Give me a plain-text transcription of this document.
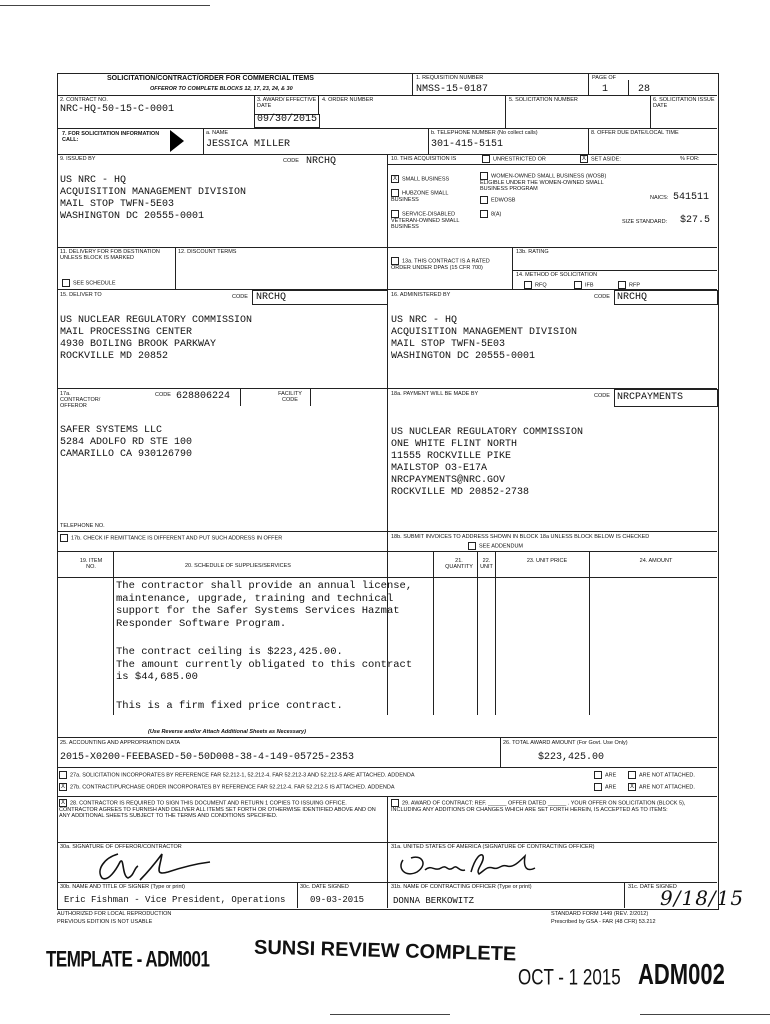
SOLICITATION/CONTRACT/ORDER FOR COMMERCIAL ITEMS
OFFEROR TO COMPLETE BLOCKS 12, 17, 23, 24, & 30
1. REQUISITION NUMBER
NMSS-15-0187
PAGE OF
1	28
2. CONTRACT NO.
NRC-HQ-50-15-C-0001
3. AWARD/ EFFECTIVE DATE
09/30/2015
4. ORDER NUMBER	5. SOLICITATION NUMBER	6. SOLICITATION ISSUE DATE
7. FOR SOLICITATION INFORMATION CALL:
a. NAME
JESSICA MILLER
b. TELEPHONE NUMBER (No collect calls)
301-415-5151
8. OFFER DUE DATE/LOCAL TIME
9. ISSUED BY	CODE NRCHQ
US NRC - HQ
ACQUISITION MANAGEMENT DIVISION
MAIL STOP TWFN-5E03
WASHINGTON DC 20555-0001
10. THIS ACQUISITION IS	UNRESTRICTED OR	X SET ASIDE:	% FOR:
X SMALL BUSINESS
HUBZONE SMALL BUSINESS
SERVICE-DISABLED VETERAN-OWNED SMALL BUSINESS
WOMEN-OWNED SMALL BUSINESS (WOSB) ELIGIBLE UNDER THE WOMEN-OWNED SMALL BUSINESS PROGRAM
EDWOSB
8(A)
NAICS: 541511
SIZE STANDARD: $27.5
11. DELIVERY FOR FOB DESTINATION UNLESS BLOCK IS MARKED
SEE SCHEDULE
12. DISCOUNT TERMS
13a. THIS CONTRACT IS A RATED ORDER UNDER DPAS (15 CFR 700)
13b. RATING
14. METHOD OF SOLICITATION
RFQ	IFB	RFP
15. DELIVER TO	CODE NRCHQ
US NUCLEAR REGULATORY COMMISSION
MAIL PROCESSING CENTER
4930 BOILING BROOK PARKWAY
ROCKVILLE MD 20852
16. ADMINISTERED BY	CODE NRCHQ
US NRC - HQ
ACQUISITION MANAGEMENT DIVISION
MAIL STOP TWFN-5E03
WASHINGTON DC 20555-0001
17a. CONTRACTOR/ OFFEROR
CODE 628806224	FACILITY CODE
SAFER SYSTEMS LLC
5284 ADOLFO RD STE 100
CAMARILLO CA 930126790
TELEPHONE NO.
17b. CHECK IF REMITTANCE IS DIFFERENT AND PUT SUCH ADDRESS IN OFFER
18a. PAYMENT WILL BE MADE BY	CODE NRCPAYMENTS
US NUCLEAR REGULATORY COMMISSION
ONE WHITE FLINT NORTH
11555 ROCKVILLE PIKE
MAILSTOP O3-E17A
NRCPAYMENTS@NRC.GOV
ROCKVILLE MD 20852-2738
18b. SUBMIT INVOICES TO ADDRESS SHOWN IN BLOCK 18a UNLESS BLOCK BELOW IS CHECKED
SEE ADDENDUM
19. ITEM NO.	20. SCHEDULE OF SUPPLIES/SERVICES
21. QUANTITY
22. UNIT
23. UNIT PRICE	24. AMOUNT
The contractor shall provide an annual license,
maintenance, upgrade, training and technical
support for the Safer Systems Services Hazmat
Responder Software Program.
The contract ceiling is $223,425.00.
The amount currently obligated to this contract
is $44,685.00
This is a firm fixed price contract.
(Use Reverse and/or Attach Additional Sheets as Necessary)
25. ACCOUNTING AND APPROPRIATION DATA
2015-X0200-FEEBASED-50-50D008-38-4-149-05725-2353
26. TOTAL AWARD AMOUNT (For Govt. Use Only)
$223,425.00
27a. SOLICITATION INCORPORATES BY REFERENCE FAR 52.212-1, 52.212-4. FAR 52.212-3 AND 52.212-5 ARE ATTACHED. ADDENDA	ARE	ARE NOT ATTACHED.
X 27b. CONTRACT/PURCHASE ORDER INCORPORATES BY REFERENCE FAR 52.212-4. FAR 52.212-5 IS ATTACHED. ADDENDA	ARE	X ARE NOT ATTACHED.
X 28. CONTRACTOR IS REQUIRED TO SIGN THIS DOCUMENT AND RETURN 1 COPIES TO ISSUING OFFICE. CONTRACTOR AGREES TO FURNISH AND DELIVER ALL ITEMS SET FORTH OR OTHERWISE IDENTIFIED ABOVE AND ON ANY ADDITIONAL SHEETS SUBJECT TO THE TERMS AND CONDITIONS SPECIFIED.
29. AWARD OF CONTRACT: REF. ______ OFFER DATED ______ . YOUR OFFER ON SOLICITATION (BLOCK 5), INCLUDING ANY ADDITIONS OR CHANGES WHICH ARE SET FORTH HEREIN, IS ACCEPTED AS TO ITEMS:
30a. SIGNATURE OF OFFEROR/CONTRACTOR	31a. UNITED STATES OF AMERICA (SIGNATURE OF CONTRACTING OFFICER)
30b. NAME AND TITLE OF SIGNER (Type or print)
Eric Fishman - Vice President, Operations
30c. DATE SIGNED
09-03-2015
31b. NAME OF CONTRACTING OFFICER (Type or print)
DONNA BERKOWITZ
31c. DATE SIGNED
9/18/15
AUTHORIZED FOR LOCAL REPRODUCTION
PREVIOUS EDITION IS NOT USABLE
STANDARD FORM 1449 (REV. 2/2012)
Prescribed by GSA - FAR (48 CFR) 53.212
TEMPLATE - ADM001 SUNSI REVIEW COMPLETE
OCT - 1 2015 ADM002
